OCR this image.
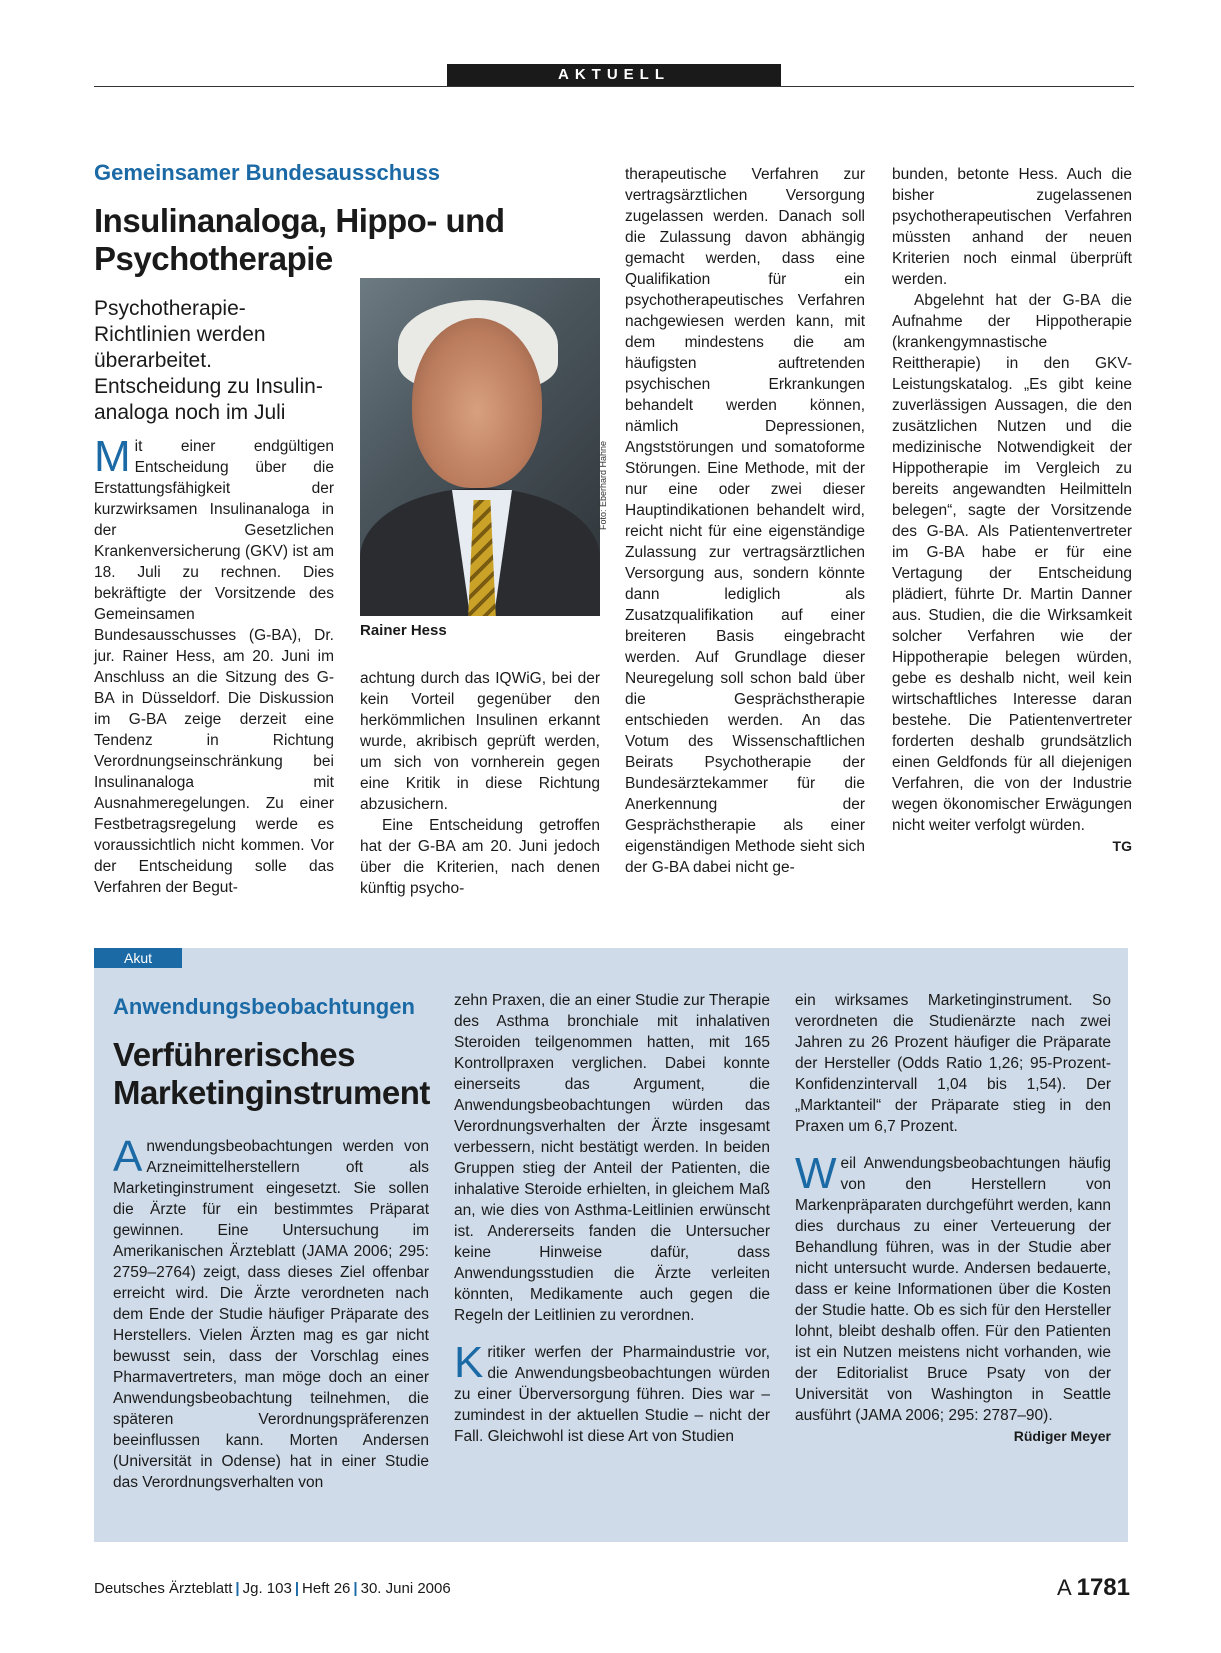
AKTUELL
Gemeinsamer Bundesausschuss
Insulinanaloga, Hippo- und
Psychotherapie
Psychotherapie-Richtlinien werden überarbeitet. Entscheidung zu Insulinanaloga noch im Juli
Mit einer endgültigen Entscheidung über die Erstattungsfähigkeit der kurzwirksamen Insulinanaloga in der Gesetzlichen Krankenversicherung (GKV) ist am 18. Juli zu rechnen. Dies bekräftigte der Vorsitzende des Gemeinsamen Bundesausschusses (G-BA), Dr. jur. Rainer Hess, am 20. Juni im Anschluss an die Sitzung des G-BA in Düsseldorf. Die Diskussion im G-BA zeige derzeit eine Tendenz in Richtung Verordnungseinschränkung bei Insulinanaloga mit Ausnahmeregelungen. Zu einer Festbetragsregelung werde es voraussichtlich nicht kommen. Vor der Entscheidung solle das Verfahren der Begut-
Foto: Eberhard Hahne
Rainer Hess

achtung durch das IQWiG, bei der kein Vorteil gegenüber den herkömmlichen Insulinen erkannt wurde, akribisch geprüft werden, um sich von vornherein gegen eine Kritik in diese Richtung abzusichern.

Eine Entscheidung getroffen hat der G-BA am 20. Juni jedoch über die Kriterien, nach denen künftig psycho-

therapeutische Verfahren zur vertragsärztlichen Versorgung zugelassen werden. Danach soll die Zulassung davon abhängig gemacht werden, dass eine Qualifikation für ein psychotherapeutisches Verfahren nachgewiesen werden kann, mit dem mindestens die am häufigsten auftretenden psychischen Erkrankungen behandelt werden können, nämlich Depressionen, Angststörungen und somatoforme Störungen. Eine Methode, mit der nur eine oder zwei dieser Hauptindikationen behandelt wird, reicht nicht für eine eigenständige Zulassung zur vertragsärztlichen Versorgung aus, sondern könnte dann lediglich als Zusatzqualifikation auf einer breiteren Basis eingebracht werden. Auf Grundlage dieser Neuregelung soll schon bald über die Gesprächstherapie entschieden werden. An das Votum des Wissenschaftlichen Beirats Psychotherapie der Bundesärztekammer für die Anerkennung der Gesprächstherapie als einer eigenständigen Methode sieht sich der G-BA dabei nicht ge-

bunden, betonte Hess. Auch die bisher zugelassenen psychotherapeutischen Verfahren müssten anhand der neuen Kriterien noch einmal überprüft werden.

Abgelehnt hat der G-BA die Aufnahme der Hippotherapie (krankengymnastische Reittherapie) in den GKV-Leistungskatalog. „Es gibt keine zuverlässigen Aussagen, die den zusätzlichen Nutzen und die medizinische Notwendigkeit der Hippotherapie im Vergleich zu bereits angewandten Heilmitteln belegen“, sagte der Vorsitzende des G-BA. Als Patientenvertreter im G-BA habe er für eine Vertagung der Entscheidung plädiert, führte Dr. Martin Danner aus. Studien, die die Wirksamkeit solcher Verfahren wie der Hippotherapie belegen würden, gebe es deshalb nicht, weil kein wirtschaftliches Interesse daran bestehe. Die Patientenvertreter forderten deshalb grundsätzlich einen Geldfonds für all diejenigen Verfahren, die von der Industrie wegen ökonomischer Erwägungen nicht weiter verfolgt würden.

TG
Akut
Anwendungsbeobachtungen
Verführerisches
Marketinginstrument
Anwendungsbeobachtungen werden von Arzneimittelherstellern oft als Marketinginstrument eingesetzt. Sie sollen die Ärzte für ein bestimmtes Präparat gewinnen. Eine Untersuchung im Amerikanischen Ärzteblatt (JAMA 2006; 295: 2759–2764) zeigt, dass dieses Ziel offenbar erreicht wird. Die Ärzte verordneten nach dem Ende der Studie häufiger Präparate des Herstellers. Vielen Ärzten mag es gar nicht bewusst sein, dass der Vorschlag eines Pharmavertreters, man möge doch an einer Anwendungsbeobachtung teilnehmen, die späteren Verordnungspräferenzen beeinflussen kann. Morten Andersen (Universität in Odense) hat in einer Studie das Verordnungsverhalten von

zehn Praxen, die an einer Studie zur Therapie des Asthma bronchiale mit inhalativen Steroiden teilgenommen hatten, mit 165 Kontrollpraxen verglichen. Dabei konnte einerseits das Argument, die Anwendungsbeobachtungen würden das Verordnungsverhalten der Ärzte insgesamt verbessern, nicht bestätigt werden. In beiden Gruppen stieg der Anteil der Patienten, die inhalative Steroide erhielten, in gleichem Maß an, wie dies von Asthma-Leitlinien erwünscht ist. Andererseits fanden die Untersucher keine Hinweise dafür, dass Anwendungsstudien die Ärzte verleiten könnten, Medikamente auch gegen die Regeln der Leitlinien zu verordnen.

Kritiker werfen der Pharmaindustrie vor, die Anwendungsbeobachtungen würden zu einer Überversorgung führen. Dies war – zumindest in der aktuellen Studie – nicht der Fall. Gleichwohl ist diese Art von Studien

ein wirksames Marketinginstrument. So verordneten die Studienärzte nach zwei Jahren zu 26 Prozent häufiger die Präparate der Hersteller (Odds Ratio 1,26; 95-Prozent-Konfidenzintervall 1,04 bis 1,54). Der „Marktanteil“ der Präparate stieg in den Praxen um 6,7 Prozent.

Weil Anwendungsbeobachtungen häufig von den Herstellern von Markenpräparaten durchgeführt werden, kann dies durchaus zu einer Verteuerung der Behandlung führen, was in der Studie aber nicht untersucht wurde. Andersen bedauerte, dass er keine Informationen über die Kosten der Studie hatte. Ob es sich für den Hersteller lohnt, bleibt deshalb offen. Für den Patienten ist ein Nutzen meistens nicht vorhanden, wie der Editorialist Bruce Psaty von der Universität von Washington in Seattle ausführt (JAMA 2006; 295: 2787–90).

Rüdiger Meyer
Deutsches Ärzteblatt | Jg. 103 | Heft 26 | 30. Juni 2006	A 1781
